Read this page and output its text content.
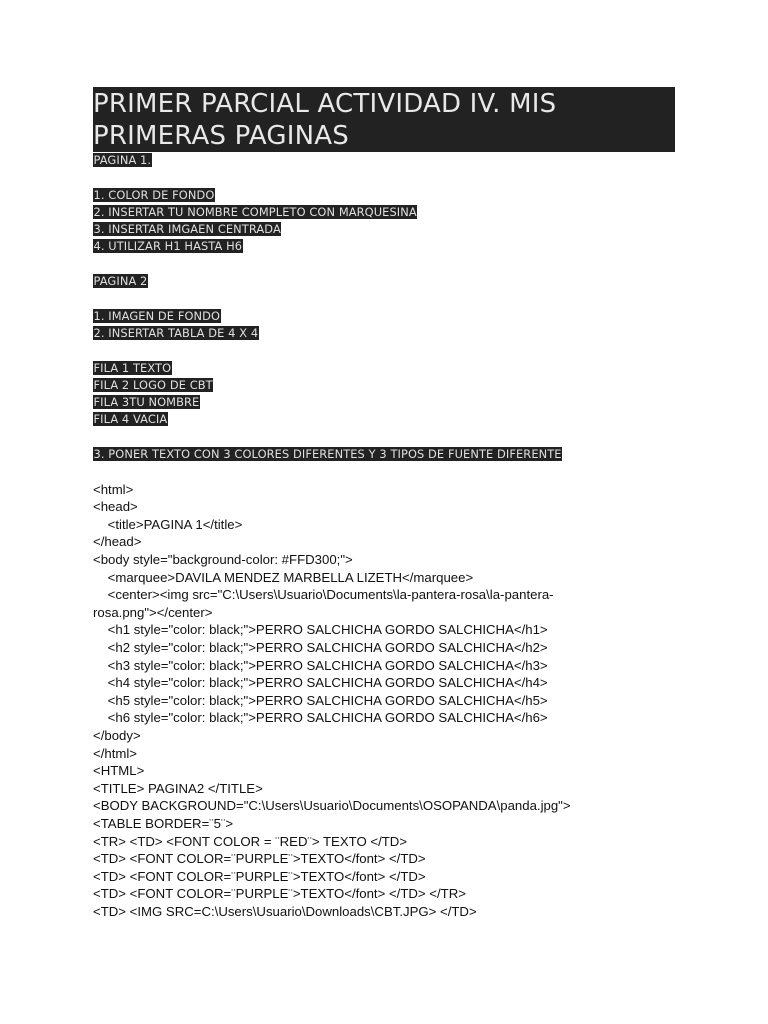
PRIMER PARCIAL ACTIVIDAD IV. MIS
PRIMERAS PAGINAS
PAGINA 1.
1. COLOR DE FONDO
2. INSERTAR TU NOMBRE COMPLETO CON MARQUESINA
3. INSERTAR IMGAEN CENTRADA
4. UTILIZAR H1 HASTA H6
PAGINA 2
1. IMAGEN DE FONDO
2. INSERTAR TABLA DE 4 X 4
FILA 1 TEXTO
FILA 2 LOGO DE CBT
FILA 3TU NOMBRE
FILA 4 VACIA
3. PONER TEXTO CON 3 COLORES DIFERENTES Y 3 TIPOS DE FUENTE DIFERENTE
<html>
<head>
<title>PAGINA 1</title>
</head>
<body style="background-color: #FFD300;">
<marquee>DAVILA MENDEZ MARBELLA LIZETH</marquee>
<center><img src="C:\Users\Usuario\Documents\la-pantera-rosa\la-pantera-
rosa.png"></center>
<h1 style="color: black;">PERRO SALCHICHA GORDO SALCHICHA</h1>
<h2 style="color: black;">PERRO SALCHICHA GORDO SALCHICHA</h2>
<h3 style="color: black;">PERRO SALCHICHA GORDO SALCHICHA</h3>
<h4 style="color: black;">PERRO SALCHICHA GORDO SALCHICHA</h4>
<h5 style="color: black;">PERRO SALCHICHA GORDO SALCHICHA</h5>
<h6 style="color: black;">PERRO SALCHICHA GORDO SALCHICHA</h6>
</body>
</html>
<HTML>
<TITLE> PAGINA2 </TITLE>
<BODY BACKGROUND="C:\Users\Usuario\Documents\OSOPANDA\panda.jpg">
<TABLE BORDER=¨5¨>
<TR> <TD> <FONT COLOR = ¨RED¨> TEXTO </TD>
<TD> <FONT COLOR=¨PURPLE¨>TEXTO</font> </TD>
<TD> <FONT COLOR=¨PURPLE¨>TEXTO</font> </TD>
<TD> <FONT COLOR=¨PURPLE¨>TEXTO</font> </TD> </TR>
<TD> <IMG SRC=C:\Users\Usuario\Downloads\CBT.JPG> </TD>
